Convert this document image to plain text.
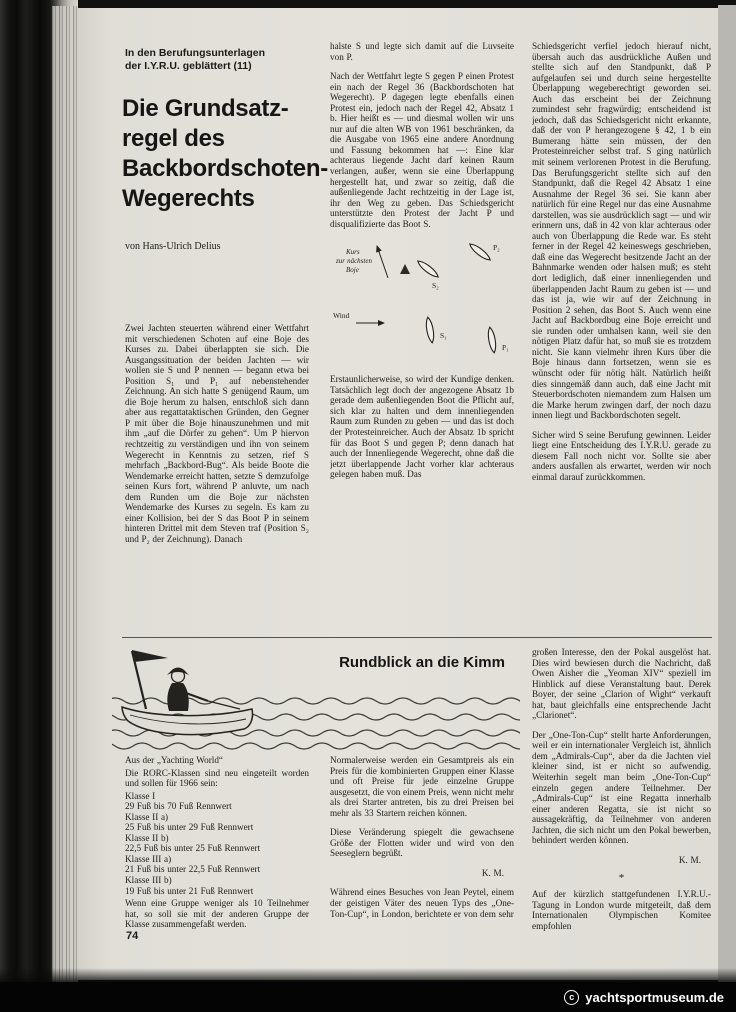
In den Berufungsunterlagen
der I.Y.R.U. geblättert (11)
Die Grundsatz-
regel des
Backbordschoten-
Wegerechts
von Hans-Ulrich Delius

Zwei Jachten steuerten während einer Wettfahrt mit verschiedenen Schoten auf eine Boje des Kurses zu. Dabei überlappten sie sich. Die Ausgangssituation der beiden Jachten — wir wollen sie S und P nennen — begann etwa bei Position S₁ und P₁ auf nebenstehender Zeichnung. An sich hatte S genügend Raum, um die Boje herum zu halsen, entschloß sich dann aber aus regattataktischen Gründen, den Gegner P mit über die Boje hinauszunehmen und mit ihm „auf die Dörfer zu gehen“. Um P hiervon rechtzeitig zu verständigen und ihn von seinem Wegerecht in Kenntnis zu setzen, rief S mehrfach „Backbord-Bug“. Als beide Boote die Wendemarke erreicht hatten, setzte S demzufolge seinen Kurs fort, während P anluvte, um nach dem Runden um die Boje zur nächsten Wendemarke des Kurses zu segeln. Es kam zu einer Kollision, bei der S das Boot P in seinem hinteren Drittel mit dem Steven traf (Position S₂ und P₂ der Zeichnung). Danach

halste S und legte sich damit auf die Luvseite von P.

Nach der Wettfahrt legte S gegen P einen Protest ein nach der Regel 36 (Backbordschoten hat Wegerecht). P dagegen legte ebenfalls einen Protest ein, jedoch nach der Regel 42, Absatz 1 b. Hier heißt es — und diesmal wollen wir uns nur auf die alten WB von 1961 beschränken, da die Ausgabe von 1965 eine andere Anordnung und Fassung bekommen hat —: Eine klar achteraus liegende Jacht darf keinen Raum verlangen, außer, wenn sie eine Überlappung hergestellt hat, und zwar so zeitig, daß die außenliegende Jacht rechtzeitig in der Lage ist, ihr den Weg zu geben. Das Schiedsgericht unterstützte den Protest der Jacht P und disqualifizierte das Boot S.

Kurs
zur nächsten
Boje
S₂
P₂
Wind
S₁
P₁

Erstaunlicherweise, so wird der Kundige denken. Tatsächlich legt doch der angezogene Absatz 1b gerade dem außenliegenden Boot die Pflicht auf, sich klar zu halten und dem innenliegenden Raum zum Runden zu geben — und das ist doch der Protesteinreicher. Auch der Absatz 1b spricht für das Boot S und gegen P; denn danach hat auch der Innenliegende Wegerecht, ohne daß die jetzt überlappende Jacht vorher klar achteraus gelegen haben muß. Das

Schiedsgericht verfiel jedoch hierauf nicht, übersah auch das ausdrückliche Außen und stellte sich auf den Standpunkt, daß P aufgelaufen sei und durch seine hergestellte Überlappung wegeberechtigt geworden sei. Auch das erscheint bei der Zeichnung zumindest sehr fragwürdig; entscheidend ist jedoch, daß das Schiedsgericht nicht erkannte, daß der von P herangezogene § 42, 1 b ein Bumerang hätte sein müssen, der den Protesteinreicher selbst traf. S ging natürlich mit seinem verlorenen Protest in die Berufung. Das Berufungsgericht stellte sich auf den Standpunkt, daß die Regel 42 Absatz 1 eine Ausnahme der Regel 36 sei. Sie kann aber natürlich für eine Regel nur das eine Ausnahme darstellen, was sie ausdrücklich sagt — und wir erinnern uns, daß in 42 von klar achteraus oder auch von Überlappung die Rede war. Es steht ferner in der Regel 42 keineswegs geschrieben, daß eine das Wegerecht besitzende Jacht an der Bahnmarke wenden oder halsen muß; es steht dort lediglich, daß einer innenliegenden und überlappenden Jacht Raum zu geben ist — und das ist ja, wie wir auf der Zeichnung in Position 2 sehen, das Boot S. Auch wenn eine Jacht auf Backbordbug eine Boje erreicht und sie runden oder umhalsen kann, weil sie den nötigen Platz dafür hat, so muß sie es trotzdem nicht. Sie kann vielmehr ihren Kurs über die Boje hinaus dann fortsetzen, wenn sie es wünscht oder für nötig hält. Natürlich heißt dies sinngemäß dann auch, daß eine Jacht mit Steuerbordschoten niemandem zum Halsen um die Marke herum zwingen darf, der noch dazu innen liegt und Backbordschoten segelt.

Sicher wird S seine Berufung gewinnen. Leider liegt eine Entscheidung des I.Y.R.U. gerade zu diesem Fall noch nicht vor. Sollte sie aber anders ausfallen als erwartet, werden wir noch einmal darauf zurückkommen.

Rundblick an die Kimm

Aus der „Yachting World“

Die RORC-Klassen sind neu eingeteilt worden und sollen für 1966 sein:

Klasse I
29 Fuß bis 70 Fuß Rennwert
Klasse II a)
25 Fuß bis unter 29 Fuß Rennwert
Klasse II b)
22,5 Fuß bis unter 25 Fuß Rennwert
Klasse III a)
21 Fuß bis unter 22,5 Fuß Rennwert
Klasse III b)
19 Fuß bis unter 21 Fuß Rennwert

Wenn eine Gruppe weniger als 10 Teilnehmer hat, so soll sie mit der anderen Gruppe der Klasse zusammengefaßt werden.

Normalerweise werden ein Gesamtpreis als ein Preis für die kombinierten Gruppen einer Klasse und oft Preise für jede einzelne Gruppe ausgesetzt, die von einem Preis, wenn nicht mehr als drei Starter antreten, bis zu drei Preisen bei mehr als 33 Startern reichen können.

Diese Veränderung spiegelt die gewachsene Größe der Flotten wider und wird von den Seeseglern begrüßt.

K. M.

Während eines Besuches von Jean Peytel, einem der geistigen Väter des neuen Typs des „One-Ton-Cup“, in London, berichtete er von dem sehr

großen Interesse, den der Pokal ausgelöst hat. Dies wird bewiesen durch die Nachricht, daß Owen Aisher die „Yeoman XIV“ speziell im Hinblick auf diese Veranstaltung baut. Derek Boyer, der seine „Clarion of Wight“ verkauft hat, baut gleichfalls eine entsprechende Jacht „Clarionet“.

Der „One-Ton-Cup“ stellt harte Anforderungen, weil er ein internationaler Vergleich ist, ähnlich dem „Admirals-Cup“, aber da die Jachten viel kleiner sind, ist er nicht so aufwendig. Weiterhin segelt man beim „One-Ton-Cup“ einzeln gegen andere Teilnehmer. Der „Admirals-Cup“ ist eine Regatta innerhalb einer anderen Regatta, sie ist nicht so aussagekräftig, da Teilnehmer von anderen Jachten, die sich nicht um den Pokal bewerben, behindert werden können.

K. M.
*

Auf der kürzlich stattgefundenen I.Y.R.U.-Tagung in London wurde mitgeteilt, daß dem Internationalen Olympischen Komitee empfohlen

74
c yachtsportmuseum.de
